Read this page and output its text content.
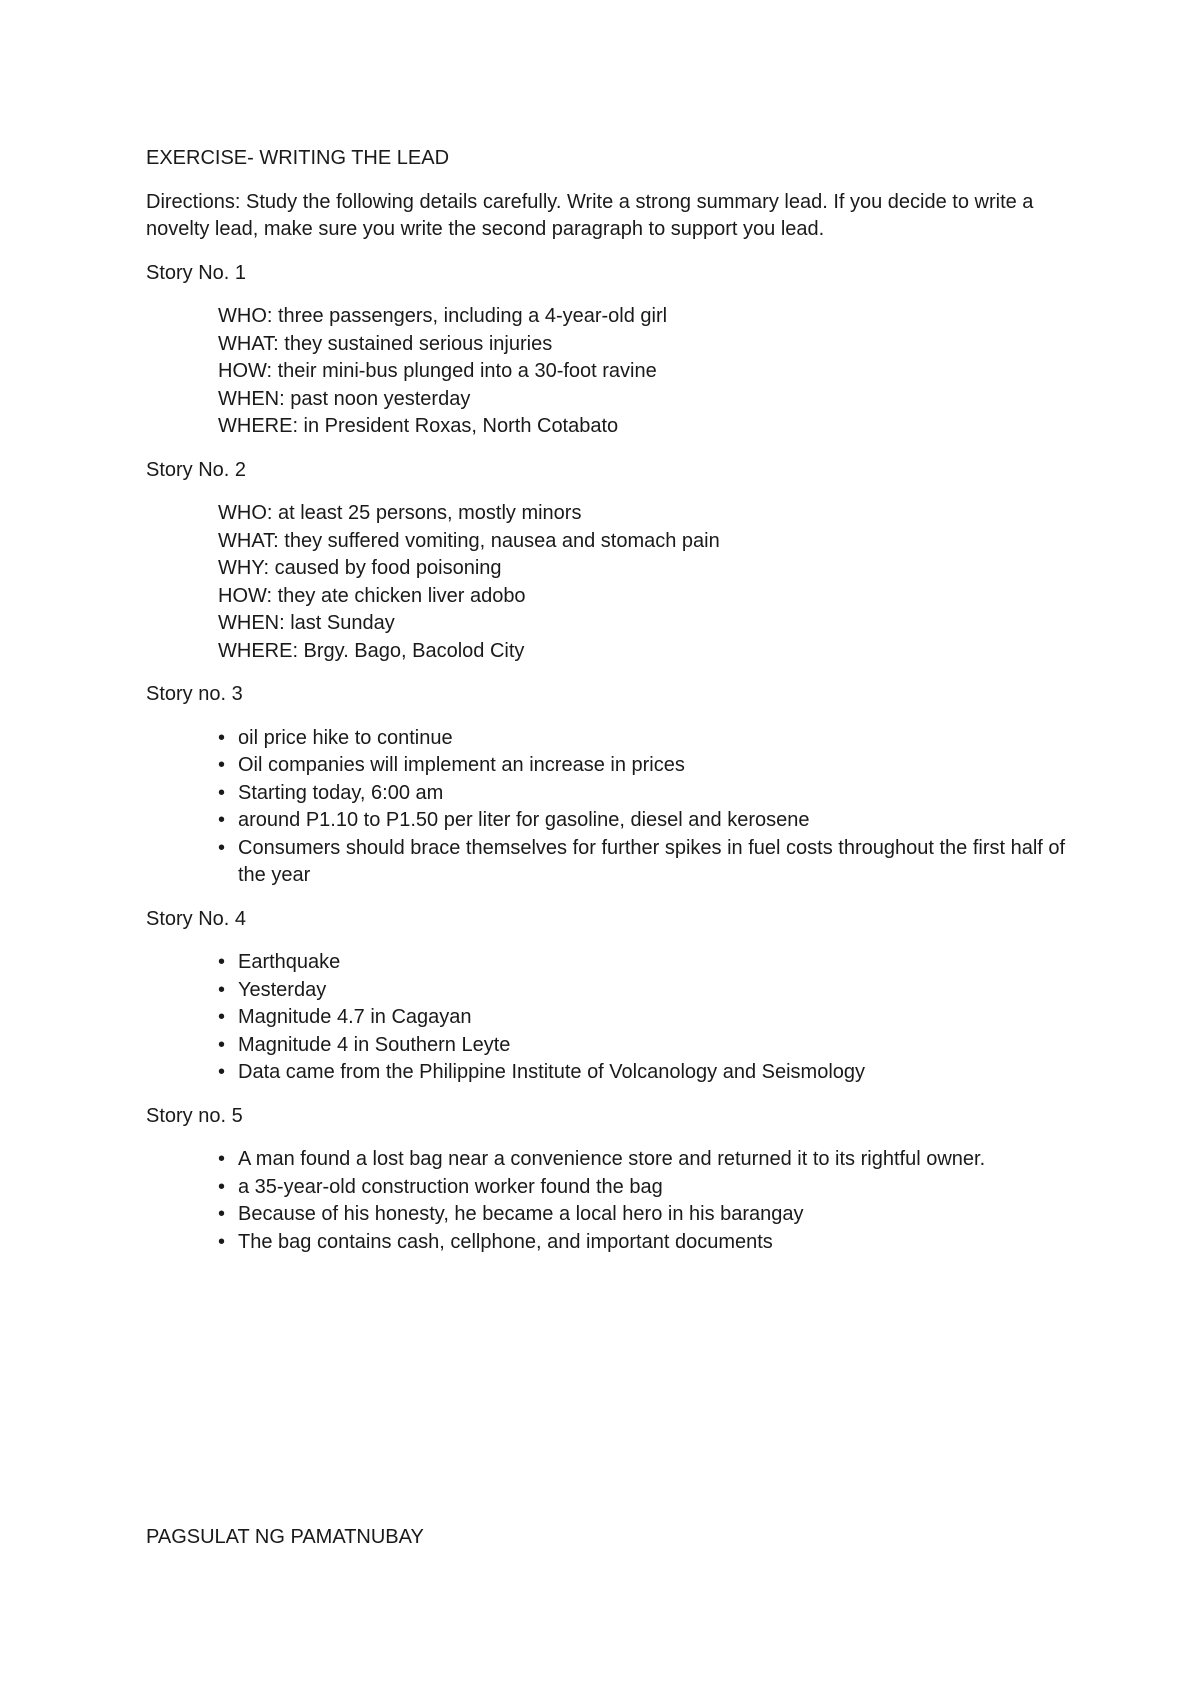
EXERCISE- WRITING THE LEAD
Directions: Study the following details carefully. Write a strong summary lead. If you decide to write a novelty lead, make sure you write the second paragraph to support you lead.
Story No. 1
WHO: three passengers, including a 4-year-old girl
WHAT: they sustained serious injuries
HOW: their mini-bus plunged into a 30-foot ravine
WHEN: past noon yesterday
WHERE: in President Roxas, North Cotabato
Story No. 2
WHO: at least 25 persons, mostly minors
WHAT: they suffered vomiting, nausea and stomach pain
WHY: caused by food poisoning
HOW: they ate chicken liver adobo
WHEN: last Sunday
WHERE: Brgy. Bago, Bacolod City
Story no. 3
• oil price hike to continue
• Oil companies will implement an increase in prices
• Starting today, 6:00 am
• around P1.10 to P1.50 per liter for gasoline, diesel and kerosene
• Consumers should brace themselves for further spikes in fuel costs throughout the first half of the year
Story No. 4
• Earthquake
• Yesterday
• Magnitude 4.7 in Cagayan
• Magnitude 4 in Southern Leyte
• Data came from the Philippine Institute of Volcanology and Seismology
Story no. 5
• A man found a lost bag near a convenience store and returned it to its rightful owner.
• a 35-year-old construction worker found the bag
• Because of his honesty, he became a local hero in his barangay
• The bag contains cash, cellphone, and important documents
PAGSULAT NG PAMATNUBAY
